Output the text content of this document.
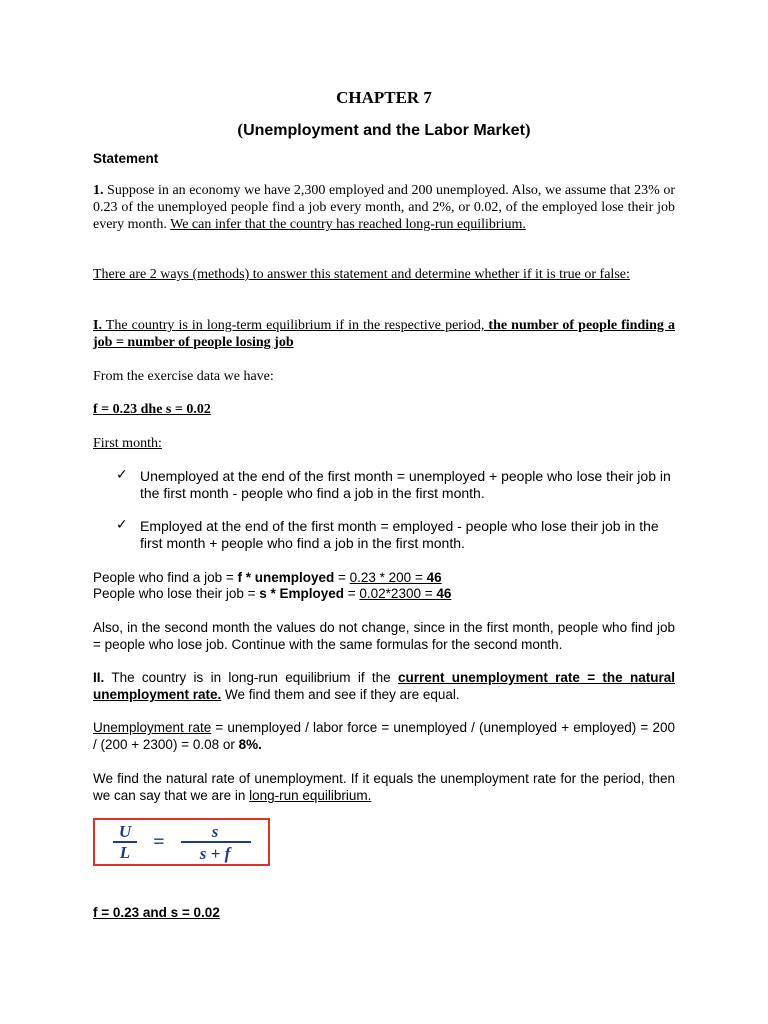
CHAPTER 7
(Unemployment and the Labor Market)
Statement
1. Suppose in an economy we have 2,300 employed and 200 unemployed. Also, we assume that 23% or 0.23 of the unemployed people find a job every month, and 2%, or 0.02, of the employed lose their job every month. We can infer that the country has reached long-run equilibrium.
There are 2 ways (methods) to answer this statement and determine whether if it is true or false:
I. The country is in long-term equilibrium if in the respective period, the number of people finding a job = number of people losing job
From the exercise data we have:
f = 0.23 dhe s = 0.02
First month:
✓ Unemployed at the end of the first month = unemployed + people who lose their job in the first month - people who find a job in the first month.
✓ Employed at the end of the first month = employed - people who lose their job in the first month + people who find a job in the first month.
People who find a job = f * unemployed = 0.23 * 200 = 46
People who lose their job = s * Employed = 0.02*2300 = 46
Also, in the second month the values do not change, since in the first month, people who find job = people who lose job. Continue with the same formulas for the second month.
II. The country is in long-run equilibrium if the current unemployment rate = the natural unemployment rate. We find them and see if they are equal.
Unemployment rate = unemployed / labor force = unemployed / (unemployed + employed) = 200 / (200 + 2300) = 0.08 or 8%.
We find the natural rate of unemployment. If it equals the unemployment rate for the period, then we can say that we are in long-run equilibrium.
U
L =	s
s + f
f = 0.23 and s = 0.02
